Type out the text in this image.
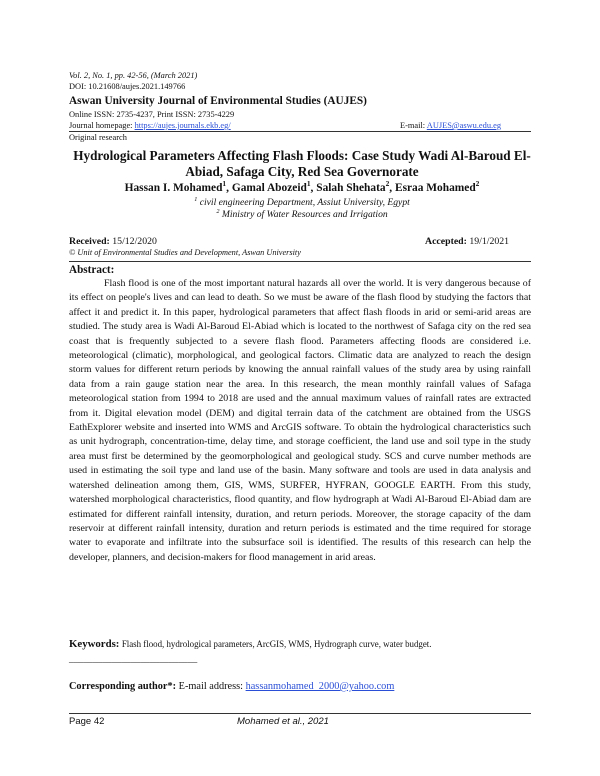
Vol. 2, No. 1, pp. 42-56, (March 2021)
DOI: 10.21608/aujes.2021.149766
Aswan University Journal of Environmental Studies (AUJES)
Online ISSN: 2735-4237, Print ISSN: 2735-4229
Journal homepage: https://aujes.journals.ekb.eg/	E-mail: AUJES@aswu.edu.eg
Original research
Hydrological Parameters Affecting Flash Floods: Case Study Wadi Al-Baroud El-Abiad, Safaga City, Red Sea Governorate
Hassan I. Mohamed$^1$, Gamal Abozeid$^1$, Salah Shehata$^2$, Esraa Mohamed$^2$
$^1$ civil engineering Department, Assiut University, Egypt
$^2$ Ministry of Water Resources and Irrigation
Received: 15/12/2020	Accepted: 19/1/2021
© Unit of Environmental Studies and Development, Aswan University
Abstract:
Flash flood is one of the most important natural hazards all over the world. It is very dangerous because of its effect on people's lives and can lead to death. So we must be aware of the flash flood by studying the factors that affect it and predict it. In this paper, hydrological parameters that affect flash floods in arid or semi-arid areas are studied. The study area is Wadi Al-Baroud El-Abiad which is located to the northwest of Safaga city on the red sea coast that is frequently subjected to a severe flash flood. Parameters affecting floods are considered i.e. meteorological (climatic), morphological, and geological factors. Climatic data are analyzed to reach the design storm values for different return periods by knowing the annual rainfall values of the study area by using rainfall data from a rain gauge station near the area. In this research, the mean monthly rainfall values of Safaga meteorological station from 1994 to 2018 are used and the annual maximum values of rainfall rates are extracted from it. Digital elevation model (DEM) and digital terrain data of the catchment are obtained from the USGS EathExplorer website and inserted into WMS and ArcGIS software. To obtain the hydrological characteristics such as unit hydrograph, concentration-time, delay time, and storage coefficient, the land use and soil type in the study area must first be determined by the geomorphological and geological study. SCS and curve number methods are used in estimating the soil type and land use of the basin. Many software and tools are used in data analysis and watershed delineation among them, GIS, WMS, SURFER, HYFRAN, GOOGLE EARTH. From this study, watershed morphological characteristics, flood quantity, and flow hydrograph at Wadi Al-Baroud El-Abiad dam are estimated for different rainfall intensity, duration, and return periods. Moreover, the storage capacity of the dam reservoir at different rainfall intensity, duration and return periods is estimated and the time required for storage water to evaporate and infiltrate into the subsurface soil is identified. The results of this research can help the developer, planners, and decision-makers for flood management in arid areas.
Keywords: Flash flood, hydrological parameters, ArcGIS, WMS, Hydrograph curve, water budget.
___________________________
Corresponding author*: E-mail address: hassanmohamed_2000@yahoo.com
Page 42	Mohamed et al., 2021
